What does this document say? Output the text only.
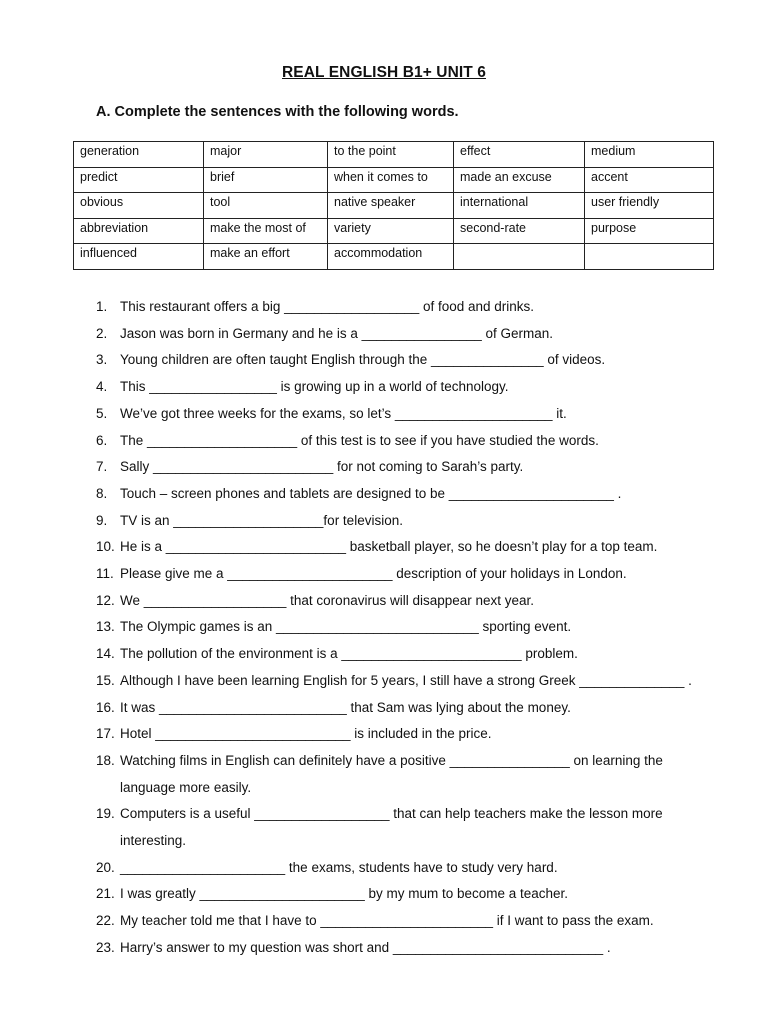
REAL ENGLISH B1+ UNIT 6
A. Complete the sentences with the following words.
generation	major	to the point	effect	medium
predict	brief	when it comes to	made an excuse	accent
obvious	tool	native speaker	international	user friendly
abbreviation	make the most of	variety	second-rate	purpose
influenced	make an effort	accommodation		
1. This restaurant offers a big __________________ of food and drinks.
2. Jason was born in Germany and he is a ________________ of German.
3. Young children are often taught English through the _______________ of videos.
4. This _________________ is growing up in a world of technology.
5. We’ve got three weeks for the exams, so let’s _____________________ it.
6. The ____________________ of this test is to see if you have studied the words.
7. Sally ________________________ for not coming to Sarah’s party.
8. Touch – screen phones and tablets are designed to be ______________________ .
9. TV is an ____________________for television.
10. He is a ________________________ basketball player, so he doesn’t play for a top team.
11. Please give me a ______________________ description of your holidays in London.
12. We ___________________ that coronavirus will disappear next year.
13. The Olympic games is an ___________________________ sporting event.
14. The pollution of the environment is a ________________________ problem.
15. Although I have been learning English for 5 years, I still have a strong Greek ______________ .
16. It was _________________________ that Sam was lying about the money.
17. Hotel __________________________ is included in the price.
18. Watching films in English can definitely have a positive ________________ on learning the language more easily.
19. Computers is a useful __________________ that can help teachers make the lesson more interesting.
20. ______________________ the exams, students have to study very hard.
21. I was greatly ______________________ by my mum to become a teacher.
22. My teacher told me that I have to _______________________ if I want to pass the exam.
23. Harry’s answer to my question was short and ____________________________ .
